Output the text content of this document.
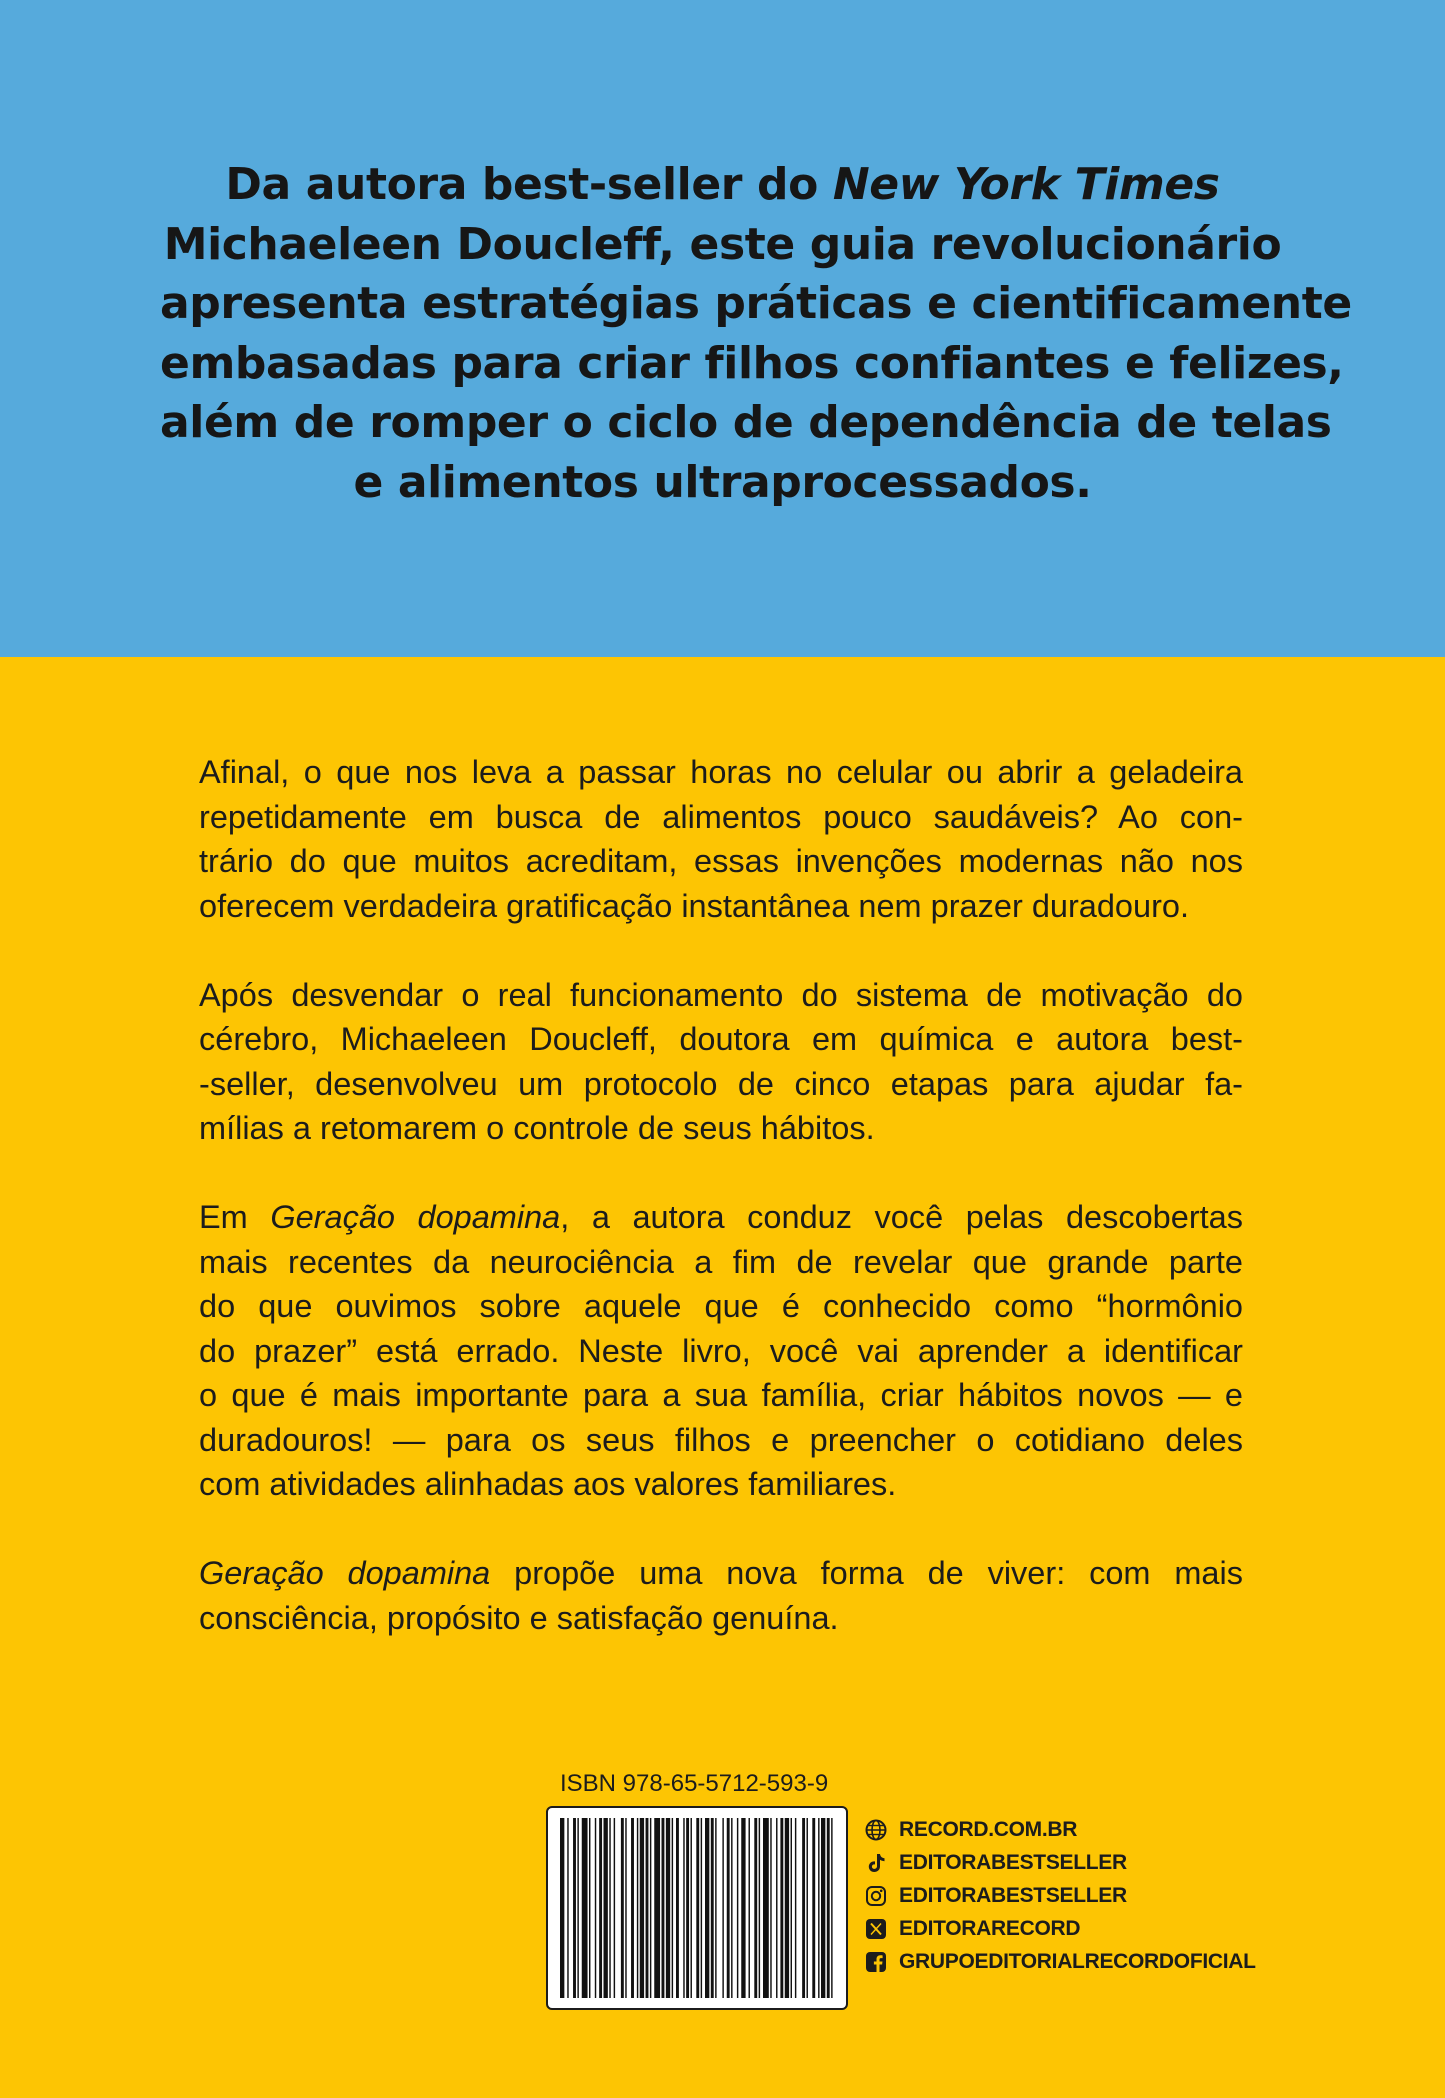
Da autora best-seller do New York Times
Michaeleen Doucleff, este guia revolucionário
apresenta estratégias práticas e cientificamente
embasadas para criar filhos confiantes e felizes,
além de romper o ciclo de dependência de telas
e alimentos ultraprocessados.
Afinal, o que nos leva a passar horas no celular ou abrir a geladeira
repetidamente em busca de alimentos pouco saudáveis? Ao con-
trário do que muitos acreditam, essas invenções modernas não nos
oferecem verdadeira gratificação instantânea nem prazer duradouro.
Após desvendar o real funcionamento do sistema de motivação do
cérebro, Michaeleen Doucleff, doutora em química e autora best-
-seller, desenvolveu um protocolo de cinco etapas para ajudar fa-
mílias a retomarem o controle de seus hábitos.
Em Geração dopamina, a autora conduz você pelas descobertas
mais recentes da neurociência a fim de revelar que grande parte
do que ouvimos sobre aquele que é conhecido como “hormônio
do prazer” está errado. Neste livro, você vai aprender a identificar
o que é mais importante para a sua família, criar hábitos novos — e
duradouros! — para os seus filhos e preencher o cotidiano deles
com atividades alinhadas aos valores familiares.
Geração dopamina propõe uma nova forma de viver: com mais
consciência, propósito e satisfação genuína.
ISBN 978-65-5712-593-9
RECORD.COM.BR
EDITORABESTSELLER
EDITORABESTSELLER
EDITORARECORD
GRUPOEDITORIALRECORDOFICIAL
